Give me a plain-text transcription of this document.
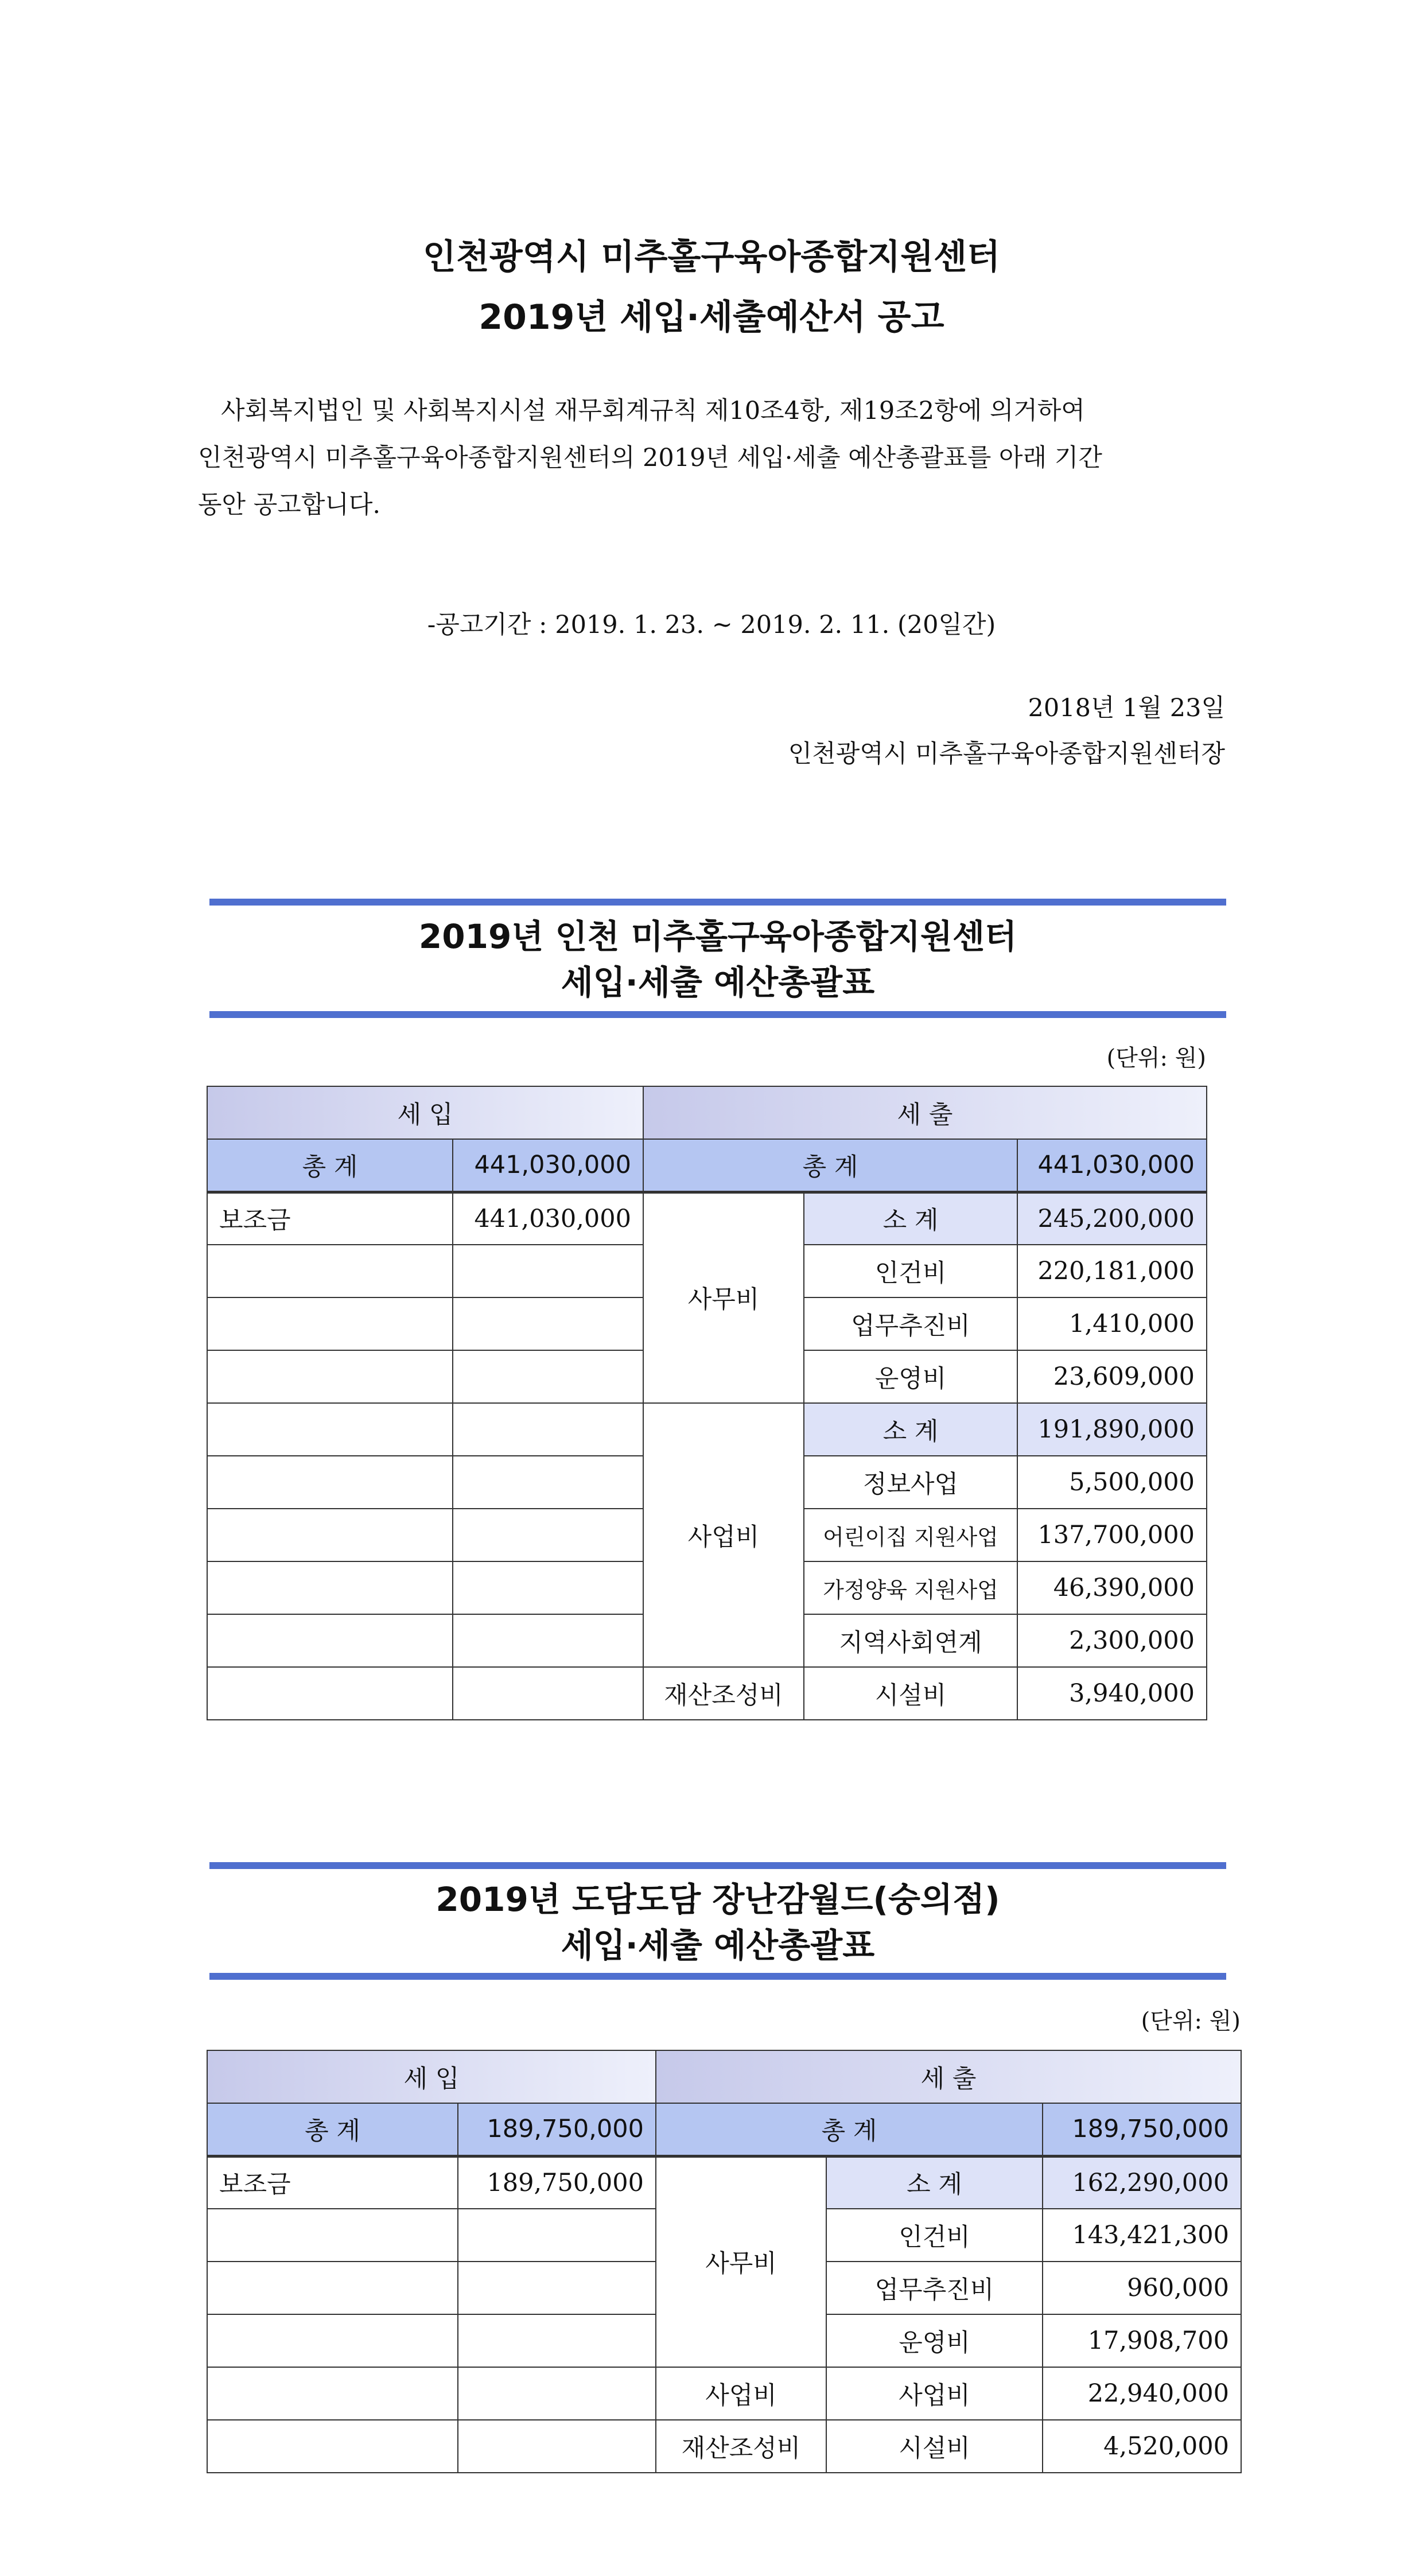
인천광역시 미추홀구육아종합지원센터
2019년 세입·세출예산서 공고
사회복지법인 및 사회복지시설 재무회계규칙 제10조4항, 제19조2항에 의거하여
인천광역시 미추홀구육아종합지원센터의 2019년 세입·세출 예산총괄표를 아래 기간
동안 공고합니다.
-공고기간 : 2019. 1. 23. ~ 2019. 2. 11. (20일간)
2018년 1월 23일
인천광역시 미추홀구육아종합지원센터장
2019년 인천 미추홀구육아종합지원센터
세입·세출 예산총괄표
(단위: 원)
세 입		세 출		
총 계	441,030,000	총 계		441,030,000
보조금	441,030,000	사무비	소 계	245,200,000
			인건비	220,181,000
			업무추진비	1,410,000
			운영비	23,609,000
		사업비	소 계	191,890,000
			정보사업	5,500,000
			어린이집 지원사업	137,700,000
			가정양육 지원사업	46,390,000
			지역사회연계	2,300,000
		재산조성비	시설비	3,940,000
2019년 도담도담 장난감월드(숭의점)
세입·세출 예산총괄표
(단위: 원)
세 입		세 출		
총 계	189,750,000	총 계		189,750,000
보조금	189,750,000	사무비	소 계	162,290,000
			인건비	143,421,300
			업무추진비	960,000
			운영비	17,908,700
		사업비	사업비	22,940,000
		재산조성비	시설비	4,520,000
